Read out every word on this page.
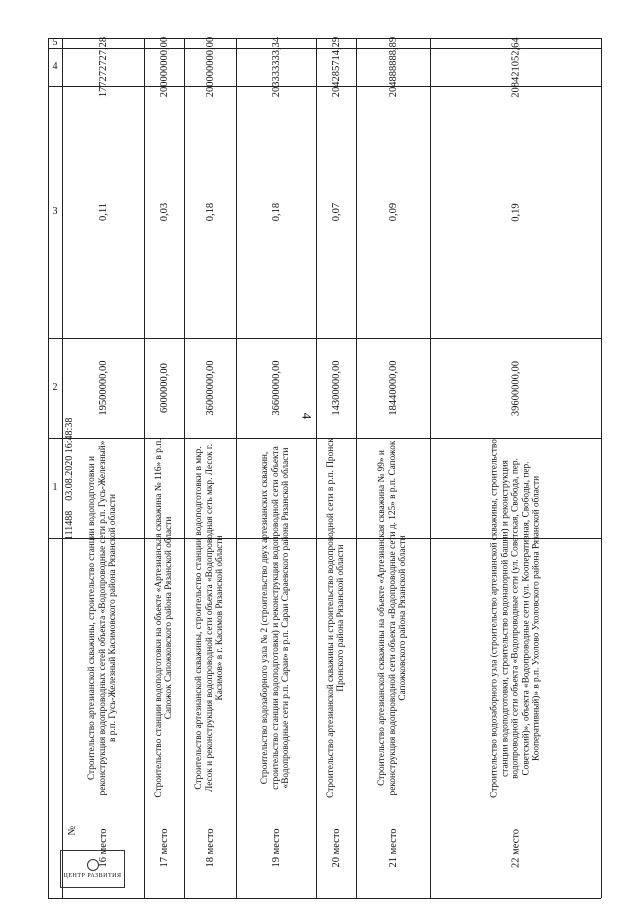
4
5
4
3
2
1
16 место
Строительство артезианской скважины, строительство станции водоподготовки и реконструкция водопроводных сетей объекта «Водопроводные сети р.п. Гусь-Железный» в р.п. Гусь-Железный Касимовского района Рязанской области
19500000,00
0,11
177272727,28
17 место
Строительство станции водоподготовки на объекте «Артезианская скважина № 116» в р.п. Сапожок Сапожковского района Рязанской области
6000000,00
0,03
200000000,00
18 место
Строительство артезианской скважины, строительство станции водоподготовки в мкр. Лесок и реконструкция водопроводной сети объекта «Водопроводная сеть мкр. Лесок г. Касимов» в г. Касимов Рязанской области
36000000,00
0,18
200000000,00
19 место
Строительство водозаборного узла № 2 (строительство двух артезианских скважин, строительство станции водоподготовки) и реконструкция водопроводной сети объекта «Водопроводные сети р.п. Сараи» в р.п. Сараи Сараевского района Рязанской области
36600000,00
0,18
203333333,34
20 место
Строительство артезианской скважины и строительство водопроводной сети в р.п. Пронск Пронского района Рязанской области
14300000,00
0,07
204285714,29
21 место
Строительство артезианской скважины на объекте «Артезианская скважина № 99» и реконструкция водопроводной сети объекта «Водопроводные сети д. 125» в р.п. Сапожок Сапожковского района Рязанской области
18440000,00
0,09
204888888,89
22 место
Строительство водозаборного узла (строительство артезианской скважины, строительство станции водоподготовки, строительство водонапорной башни) и реконструкция водопроводной сети объекта «Водопроводные сети (ул. Советская, Свобода, пер. Советский)», объекта «Водопроводные сети (ул. Кооперативная, Свободы, пер. Кооперативный)» в р.п. Ухолово Ухоловского района Рязанской области
39600000,00
0,19
208421052,64
ЦЕНТР РАЗВИТИЯ
№
111488    03.08.2020 16:48:38
